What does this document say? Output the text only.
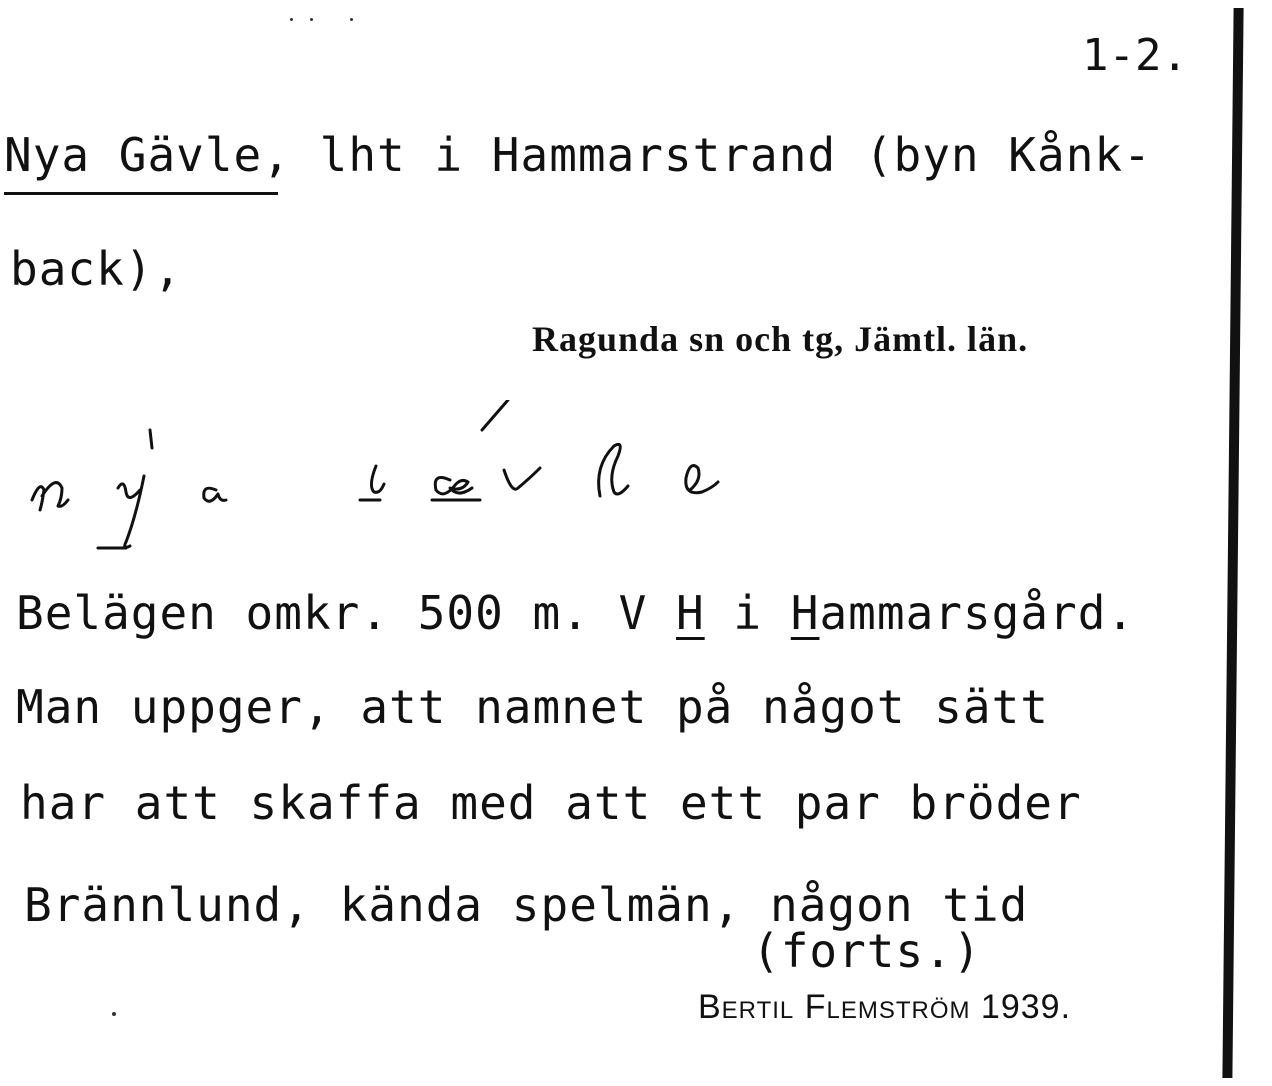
1-2.
Nya Gävle, lht i Hammarstrand (byn Kånk-
back),
Ragunda sn och tg, Jämtl. län.
Belägen omkr. 500 m. V H i Hammarsgård.
Man uppger, att namnet på något sätt
har att skaffa med att ett par bröder
Brännlund, kända spelmän, någon tid
(forts.)
Bertil Flemström 1939.
